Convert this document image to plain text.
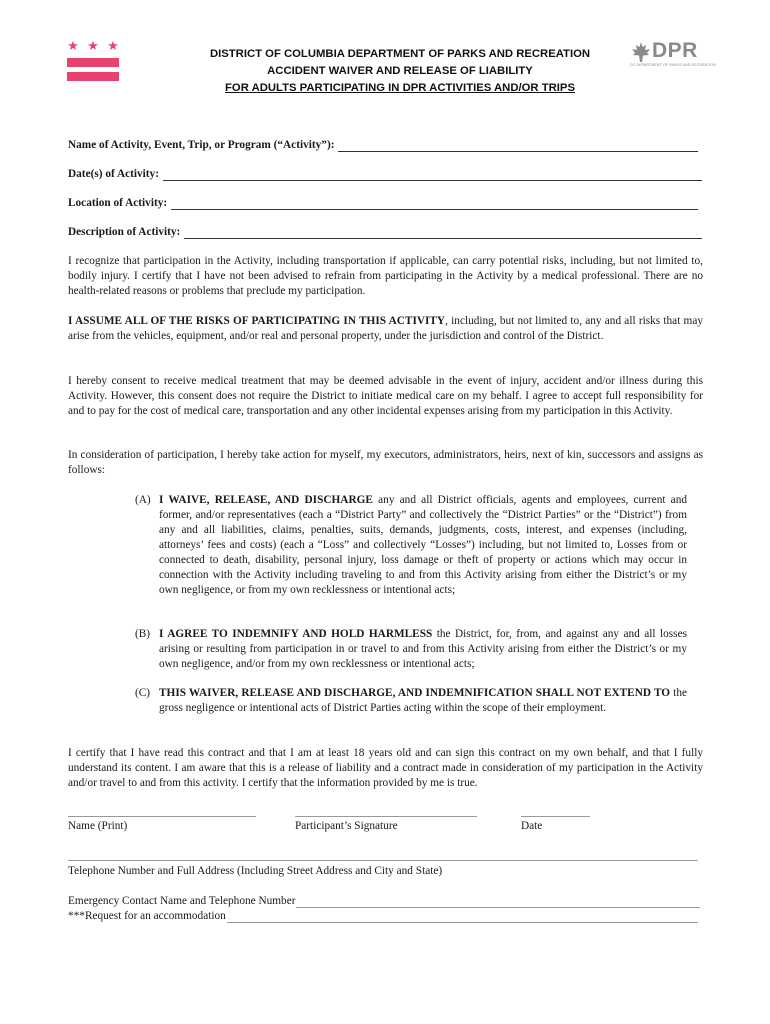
★ ★ ★	DISTRICT OF COLUMBIA DEPARTMENT OF PARKS AND RECREATION
ACCIDENT WAIVER AND RELEASE OF LIABILITY
FOR ADULTS PARTICIPATING IN DPR ACTIVITIES AND/OR TRIPS
DPR
DC DEPARTMENT OF PARKS AND RECREATION
Name of Activity, Event, Trip, or Program (“Activity”):
Date(s) of Activity:
Location of Activity:
Description of Activity:
I recognize that participation in the Activity, including transportation if applicable, can carry potential risks, including, but not limited to, bodily injury. I certify that I have not been advised to refrain from participating in the Activity by a medical professional. There are no health-related reasons or problems that preclude my participation.
I ASSUME ALL OF THE RISKS OF PARTICIPATING IN THIS ACTIVITY, including, but not limited to, any and all risks that may arise from the vehicles, equipment, and/or real and personal property, under the jurisdiction and control of the District.
I hereby consent to receive medical treatment that may be deemed advisable in the event of injury, accident and/or illness during this Activity. However, this consent does not require the District to initiate medical care on my behalf. I agree to accept full responsibility for and to pay for the cost of medical care, transportation and any other incidental expenses arising from my participation in this Activity.
In consideration of participation, I hereby take action for myself, my executors, administrators, heirs, next of kin, successors and assigns as follows:
(A) I WAIVE, RELEASE, AND DISCHARGE any and all District officials, agents and employees, current and former, and/or representatives (each a “District Party” and collectively the “District Parties” or the “District”) from any and all liabilities, claims, penalties, suits, demands, judgments, costs, interest, and expenses (including, attorneys’ fees and costs) (each a “Loss” and collectively “Losses”) including, but not limited to, Losses from or connected to death, disability, personal injury, loss damage or theft of property or actions which may occur in connection with the Activity including traveling to and from this Activity arising from either the District’s or my own negligence, or from my own recklessness or intentional acts;
(B) I AGREE TO INDEMNIFY AND HOLD HARMLESS the District, for, from, and against any and all losses arising or resulting from participation in or travel to and from this Activity arising from either the District’s or my own negligence, and/or from my own recklessness or intentional acts;
(C) THIS WAIVER, RELEASE AND DISCHARGE, AND INDEMNIFICATION SHALL NOT EXTEND TO the gross negligence or intentional acts of District Parties acting within the scope of their employment.
I certify that I have read this contract and that I am at least 18 years old and can sign this contract on my own behalf, and that I fully understand its content. I am aware that this is a release of liability and a contract made in consideration of my participation in the Activity and/or travel to and from this activity. I certify that the information provided by me is true.
Name (Print)	Participant’s Signature	Date
Telephone Number and Full Address (Including Street Address and City and State)
Emergency Contact Name and Telephone Number
***Request for an accommodation
